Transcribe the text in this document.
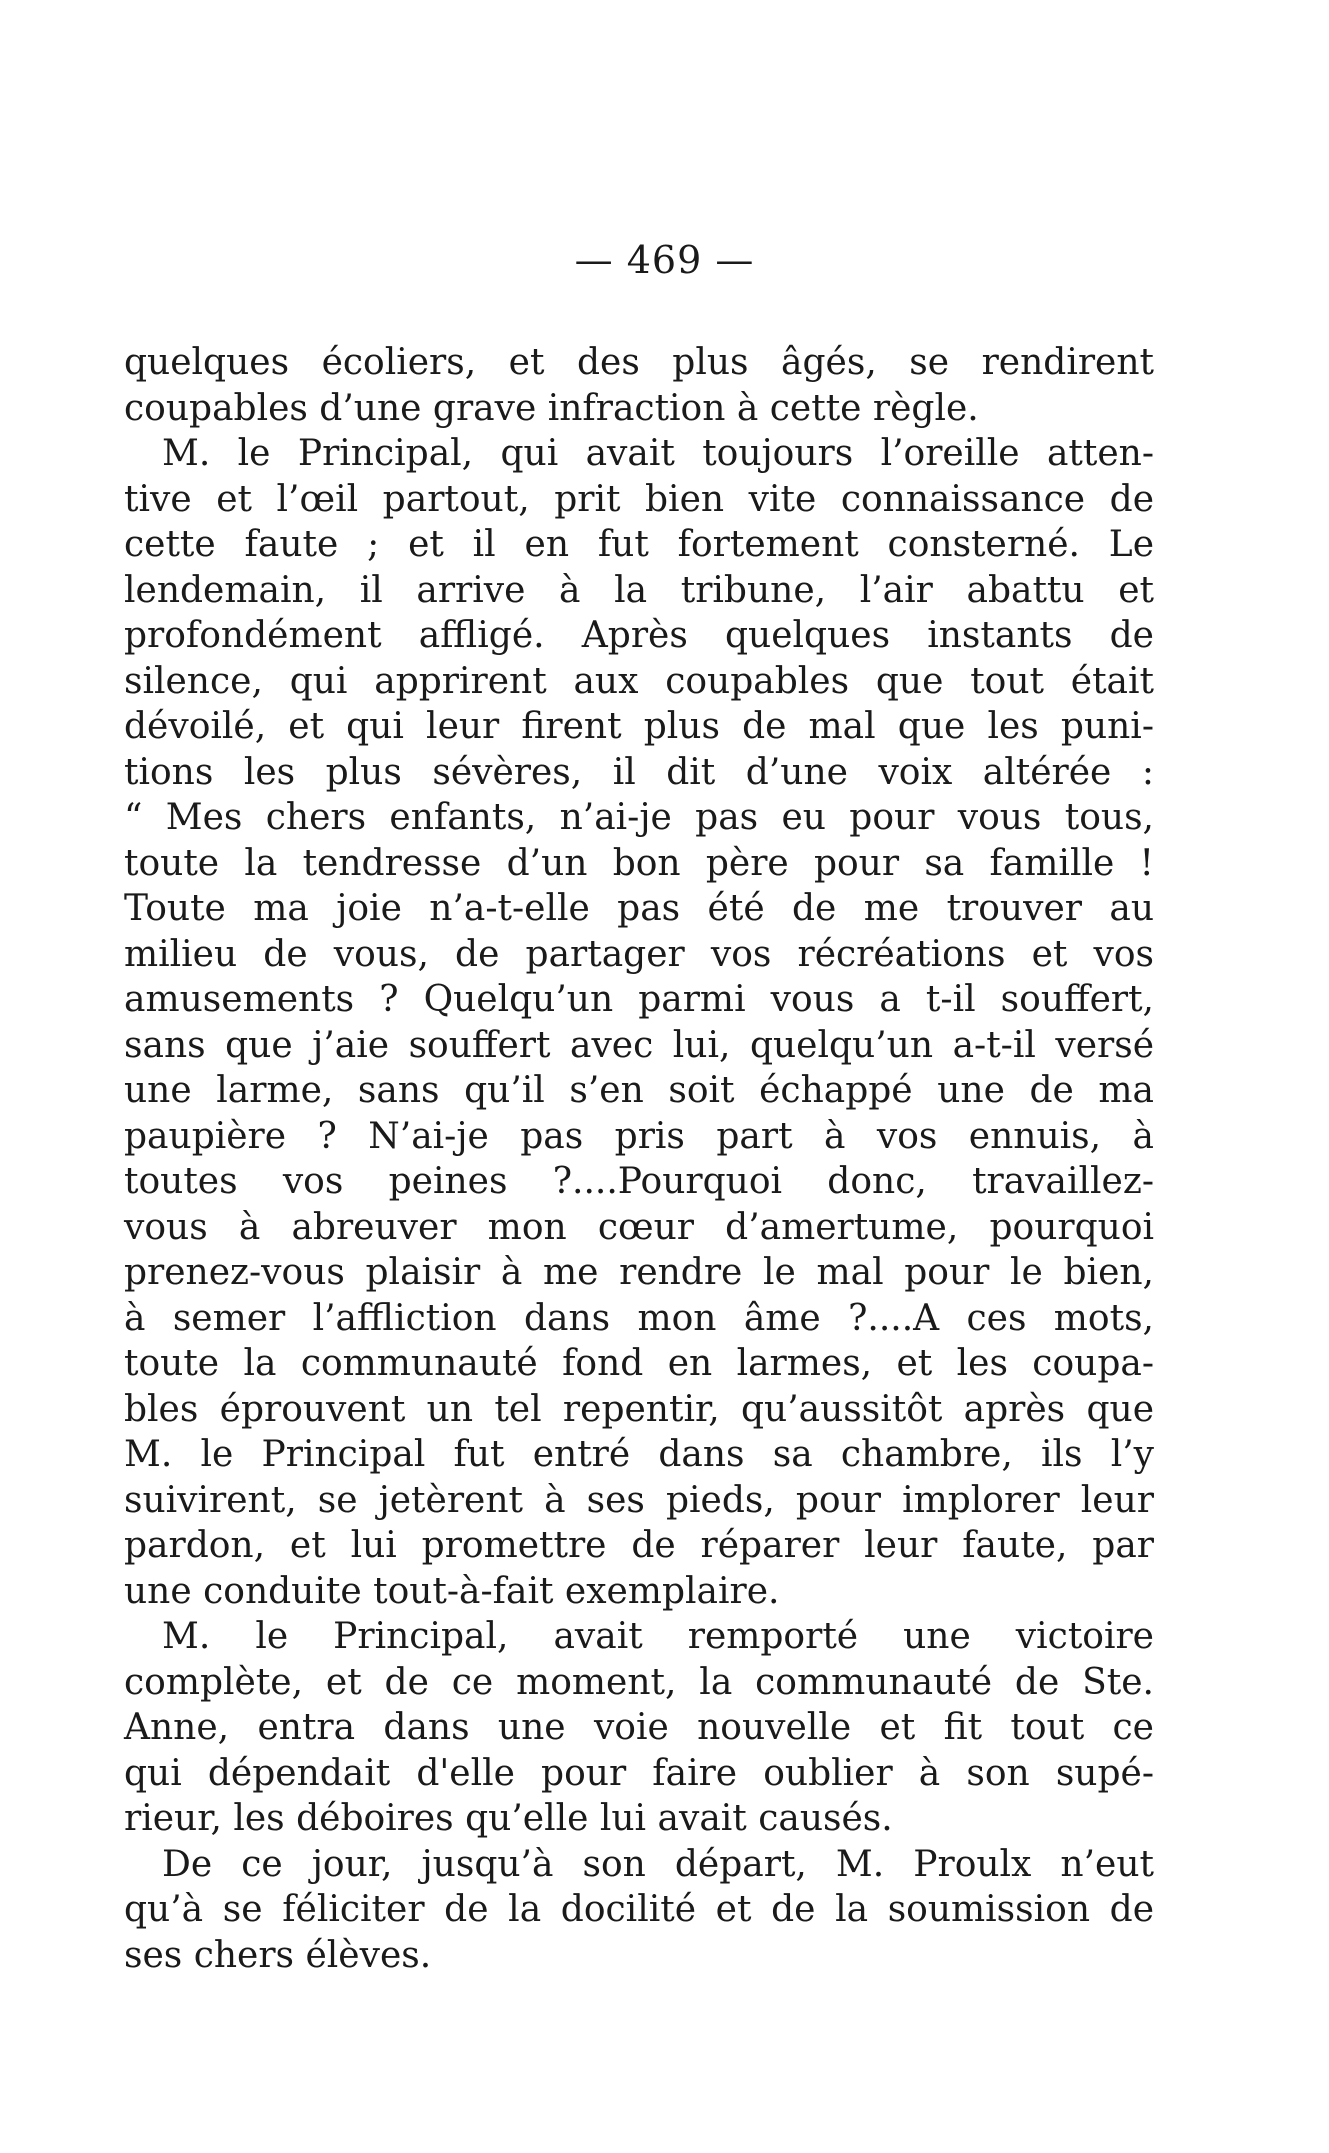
— 469 —
quelques écoliers, et des plus âgés, se rendirent
coupables d’une grave infraction à cette règle.
M. le Principal, qui avait toujours l’oreille atten-
tive et l’œil partout, prit bien vite connaissance de
cette faute ; et il en fut fortement consterné. Le
lendemain, il arrive à la tribune, l’air abattu et
profondément affligé. Après quelques instants de
silence, qui apprirent aux coupables que tout était
dévoilé, et qui leur firent plus de mal que les puni-
tions les plus sévères, il dit d’une voix altérée :
“ Mes chers enfants, n’ai-je pas eu pour vous tous,
toute la tendresse d’un bon père pour sa famille !
Toute ma joie n’a-t-elle pas été de me trouver au
milieu de vous, de partager vos récréations et vos
amusements ? Quelqu’un parmi vous a t-il souffert,
sans que j’aie souffert avec lui, quelqu’un a-t-il versé
une larme, sans qu’il s’en soit échappé une de ma
paupière ? N’ai-je pas pris part à vos ennuis, à
toutes vos peines ?....Pourquoi donc, travaillez-
vous à abreuver mon cœur d’amertume, pourquoi
prenez-vous plaisir à me rendre le mal pour le bien,
à semer l’affliction dans mon âme ?....A ces mots,
toute la communauté fond en larmes, et les coupa-
bles éprouvent un tel repentir, qu’aussitôt après que
M. le Principal fut entré dans sa chambre, ils l’y
suivirent, se jetèrent à ses pieds, pour implorer leur
pardon, et lui promettre de réparer leur faute, par
une conduite tout-à-fait exemplaire.
M. le Principal, avait remporté une victoire
complète, et de ce moment, la communauté de Ste.
Anne, entra dans une voie nouvelle et fit tout ce
qui dépendait d'elle pour faire oublier à son supé-
rieur, les déboires qu’elle lui avait causés.
De ce jour, jusqu’à son départ, M. Proulx n’eut
qu’à se féliciter de la docilité et de la soumission de
ses chers élèves.
